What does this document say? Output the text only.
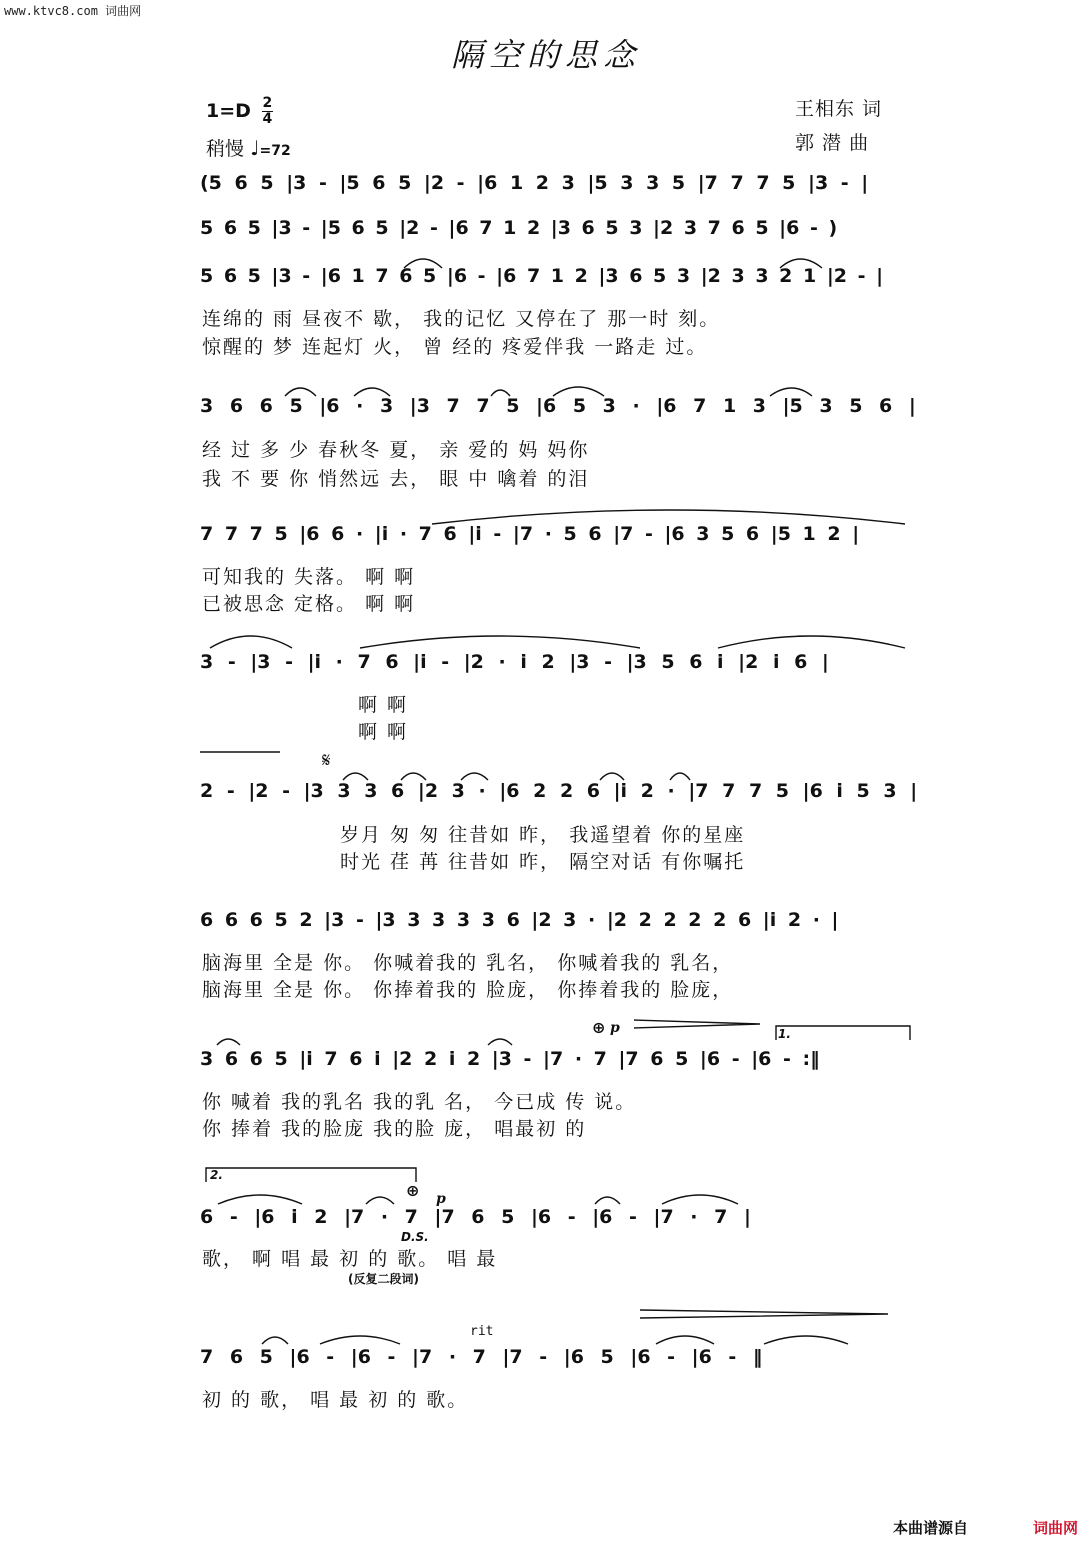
www.ktvc8.com 词曲网
隔空的思念
$1=D \frac{2}{4}$
稍慢 ♩=72
王相东 词
郭 潜 曲
(5 6 5 |3 - |5 6 5 |2 - |6 1 2 3 |5 3 3 5 |7 7 7 5 |3 - |
5 6 5 |3 - |5 6 5 |2 - |6 7 1 2 |3 6 5 3 |2 3 7 6 5 |6 - )
5 6 5 |3 - |6 1 7 6 5 |6 - |6 7 1 2 |3 6 5 3 |2 3 3 2 1 |2 - |
连绵的 雨 昼夜不 歇， 我的记忆 又停在了 那一时 刻。
惊醒的 梦 连起灯 火， 曾 经的 疼爱伴我 一路走 过。
3 6 6 5 |6 · 3 |3 7 7 5 |6 5 3 · |6 7 1 3 |5 3 5 6 |
经 过 多 少 春秋冬 夏， 亲 爱的 妈 妈你
我 不 要 你 悄然远 去， 眼 中 噙着 的泪
7 7 7 5 |6 6 · |i · 7 6 |i - |7 · 5 6 |7 - |6 3 5 6 |5 1 2 |
可知我的 失落。 啊 啊
已被思念 定格。 啊 啊
3 - |3 - |i · 7 6 |i - |2 · i 2 |3 - |3 5 6 i |2 i 6 |
啊 啊
啊 啊
𝄋
2 - |2 - |3 3 3 6 |2 3 · |6 2 2 6 |i 2 · |7 7 7 5 |6 i 5 3 |
岁月 匆 匆 往昔如 昨， 我遥望着 你的星座
时光 荏 苒 往昔如 昨， 隔空对话 有你嘱托
6 6 6 5 2 |3 - |3 3 3 3 3 6 |2 3 · |2 2 2 2 2 6 |i 2 · |
脑海里 全是 你。 你喊着我的 乳名， 你喊着我的 乳名，
脑海里 全是 你。 你捧着我的 脸庞， 你捧着我的 脸庞，
⊕ p	1.
3 6 6 5 |i 7 6 i |2 2 i 2 |3 - |7 · 7 |7 6 5 |6 - |6 - :‖
你 喊着 我的乳名 我的乳 名， 今已成 传 说。
你 捧着 我的脸庞 我的脸 庞， 唱最初 的
2.
⊕ p
6 - |6 i 2 |7 · 7 |7 6 5 |6 - |6 - |7 · 7 |
D.S.
歌， 啊 唱 最 初 的 歌。 唱 最
(反复二段词)
rit
7 6 5 |6 - |6 - |7 · 7 |7 - |6 5 |6 - |6 - ‖
初 的 歌， 唱 最 初 的 歌。
本曲谱源自	词曲网
